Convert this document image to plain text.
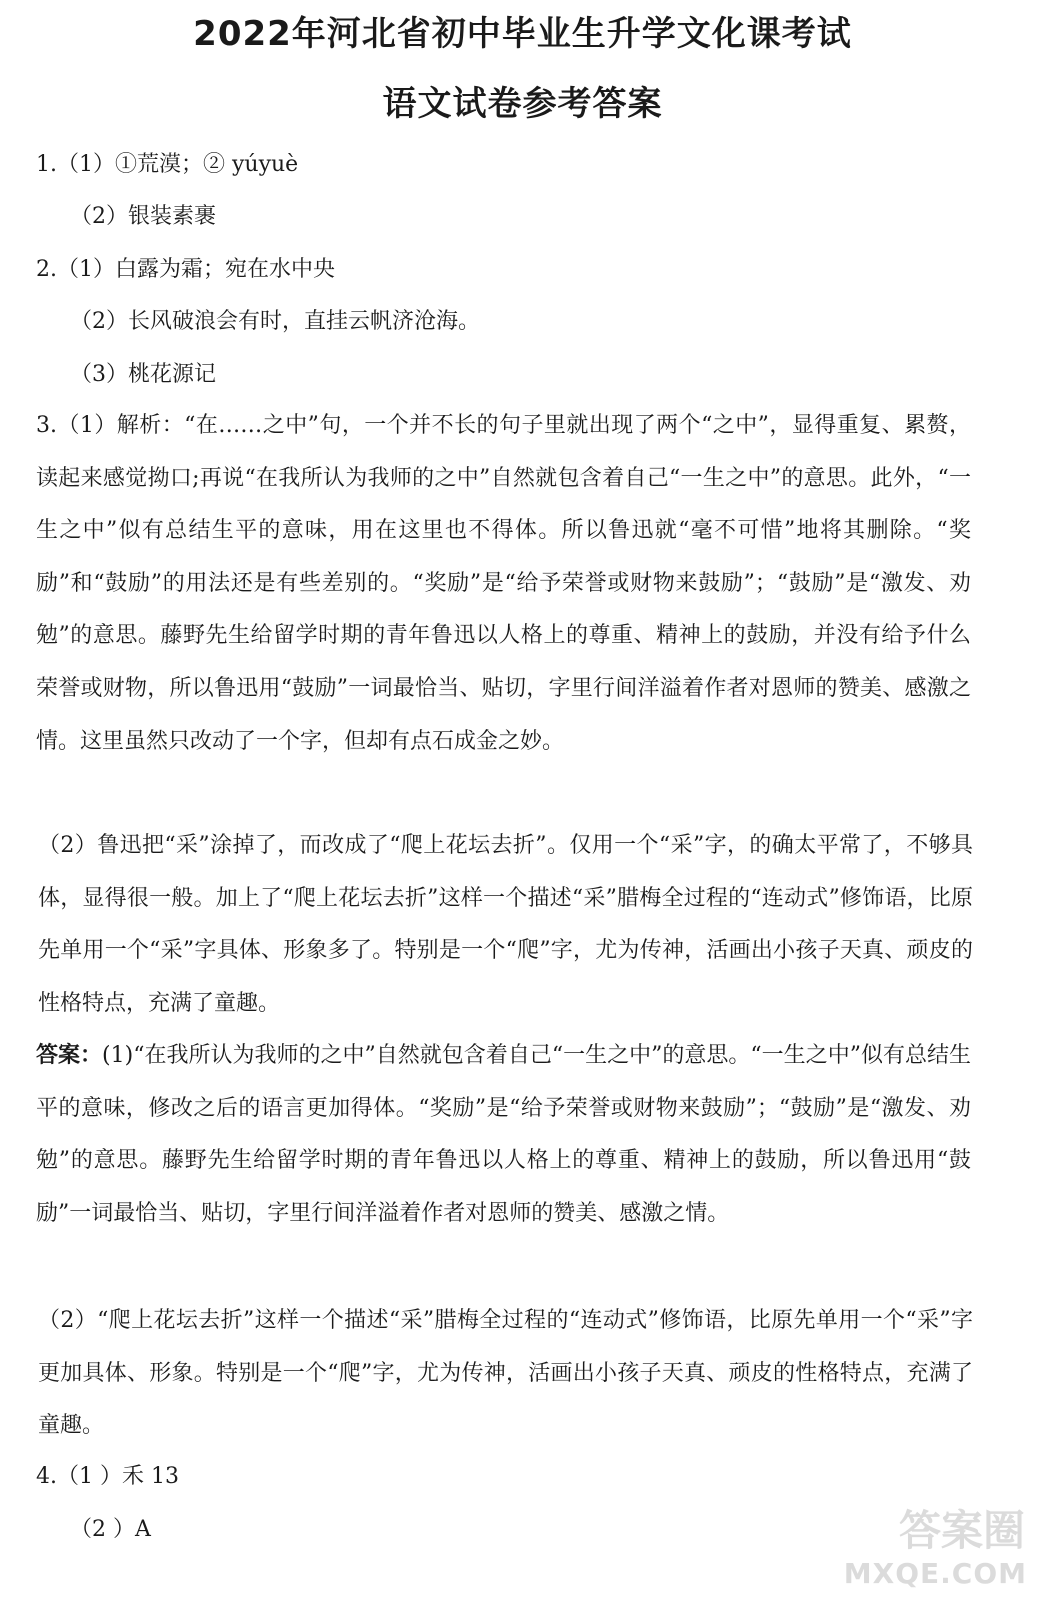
2022年河北省初中毕业生升学文化课考试
语文试卷参考答案
1.（1）①荒漠；② yúyuè
（2）银装素裹
2.（1）白露为霜；宛在水中央
（2）长风破浪会有时，直挂云帆济沧海。
（3）桃花源记
3.（1）解析：“在……之中”句，一个并不长的句子里就出现了两个“之中”，显得重复、累赘，读起来感觉拗口;再说“在我所认为我师的之中”自然就包含着自己“一生之中”的意思。此外，“一生之中”似有总结生平的意味，用在这里也不得体。所以鲁迅就“毫不可惜”地将其删除。“奖励”和“鼓励”的用法还是有些差别的。“奖励”是“给予荣誉或财物来鼓励”；“鼓励”是“激发、劝勉”的意思。藤野先生给留学时期的青年鲁迅以人格上的尊重、精神上的鼓励，并没有给予什么荣誉或财物，所以鲁迅用“鼓励”一词最恰当、贴切，字里行间洋溢着作者对恩师的赞美、感激之情。这里虽然只改动了一个字，但却有点石成金之妙。
（2）鲁迅把“采”涂掉了，而改成了“爬上花坛去折”。仅用一个“采”字，的确太平常了，不够具体，显得很一般。加上了“爬上花坛去折”这样一个描述“采”腊梅全过程的“连动式”修饰语，比原先单用一个“采”字具体、形象多了。特别是一个“爬”字，尤为传神，活画出小孩子天真、顽皮的性格特点，充满了童趣。
答案：(1)“在我所认为我师的之中”自然就包含着自己“一生之中”的意思。“一生之中”似有总结生平的意味，修改之后的语言更加得体。“奖励”是“给予荣誉或财物来鼓励”；“鼓励”是“激发、劝勉”的意思。藤野先生给留学时期的青年鲁迅以人格上的尊重、精神上的鼓励，所以鲁迅用“鼓励”一词最恰当、贴切，字里行间洋溢着作者对恩师的赞美、感激之情。
（2）“爬上花坛去折”这样一个描述“采”腊梅全过程的“连动式”修饰语，比原先单用一个“采”字更加具体、形象。特别是一个“爬”字，尤为传神，活画出小孩子天真、顽皮的性格特点，充满了童趣。
4.（1 ）禾 13
（2 ）A	答案圈
MXQE.COM
